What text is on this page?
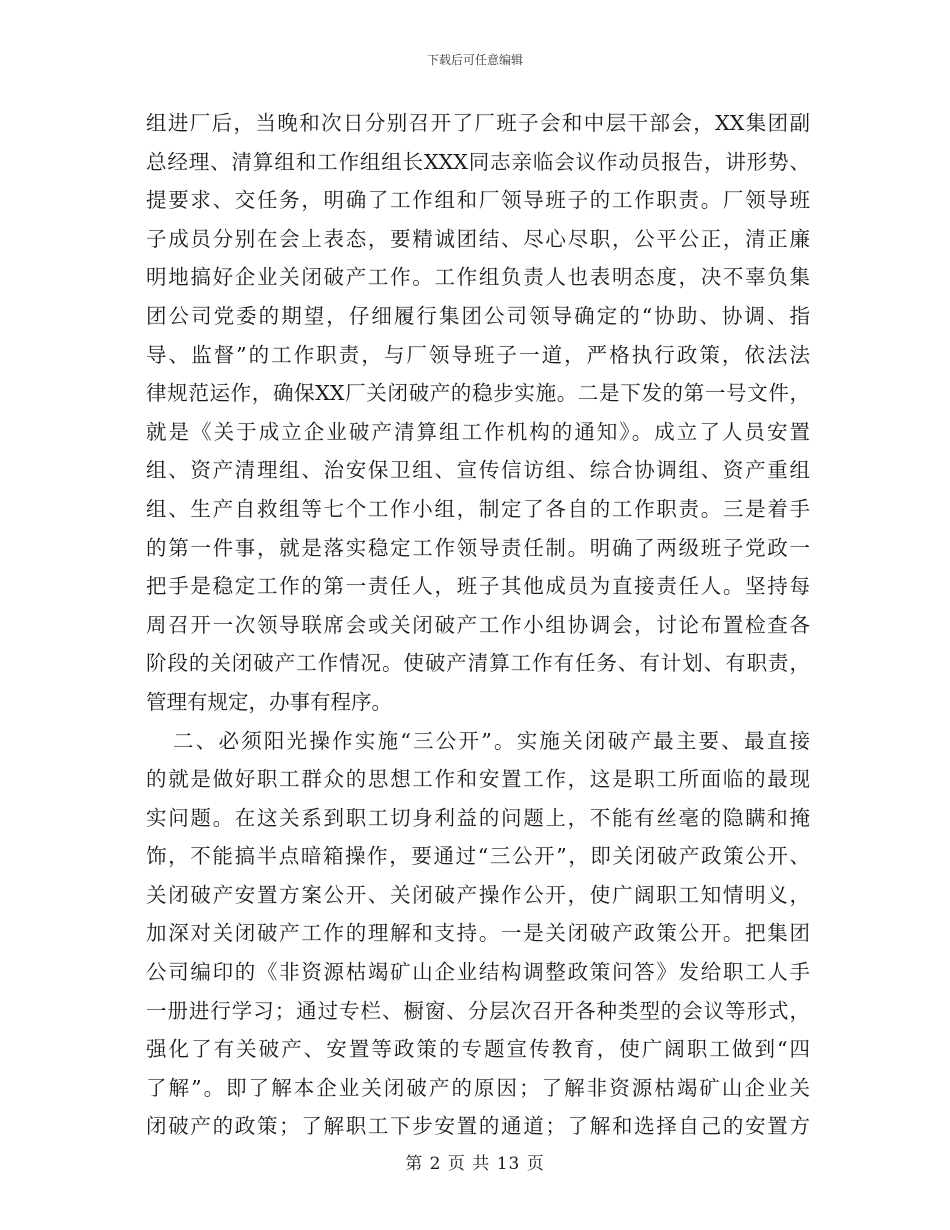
下载后可任意编辑
组进厂后，当晚和次日分别召开了厂班子会和中层干部会，XX集团副
总经理、清算组和工作组组长XXX同志亲临会议作动员报告，讲形势、
提要求、交任务，明确了工作组和厂领导班子的工作职责。厂领导班
子成员分别在会上表态，要精诚团结、尽心尽职，公平公正，清正廉
明地搞好企业关闭破产工作。工作组负责人也表明态度，决不辜负集
团公司党委的期望，仔细履行集团公司领导确定的“协助、协调、指
导、监督”的工作职责，与厂领导班子一道，严格执行政策，依法法
律规范运作，确保XX厂关闭破产的稳步实施。二是下发的第一号文件，
就是《关于成立企业破产清算组工作机构的通知》。成立了人员安置
组、资产清理组、治安保卫组、宣传信访组、综合协调组、资产重组
组、生产自救组等七个工作小组，制定了各自的工作职责。三是着手
的第一件事，就是落实稳定工作领导责任制。明确了两级班子党政一
把手是稳定工作的第一责任人，班子其他成员为直接责任人。坚持每
周召开一次领导联席会或关闭破产工作小组协调会，讨论布置检查各
阶段的关闭破产工作情况。使破产清算工作有任务、有计划、有职责，
管理有规定，办事有程序。
二、必须阳光操作实施“三公开”。实施关闭破产最主要、最直接
的就是做好职工群众的思想工作和安置工作，这是职工所面临的最现
实问题。在这关系到职工切身利益的问题上，不能有丝毫的隐瞒和掩
饰，不能搞半点暗箱操作，要通过“三公开”，即关闭破产政策公开、
关闭破产安置方案公开、关闭破产操作公开，使广阔职工知情明义，
加深对关闭破产工作的理解和支持。一是关闭破产政策公开。把集团
公司编印的《非资源枯竭矿山企业结构调整政策问答》发给职工人手
一册进行学习；通过专栏、橱窗、分层次召开各种类型的会议等形式，
强化了有关破产、安置等政策的专题宣传教育，使广阔职工做到“四
了解”。即了解本企业关闭破产的原因；了解非资源枯竭矿山企业关
闭破产的政策；了解职工下步安置的通道；了解和选择自己的安置方
第 2 页 共 13 页
